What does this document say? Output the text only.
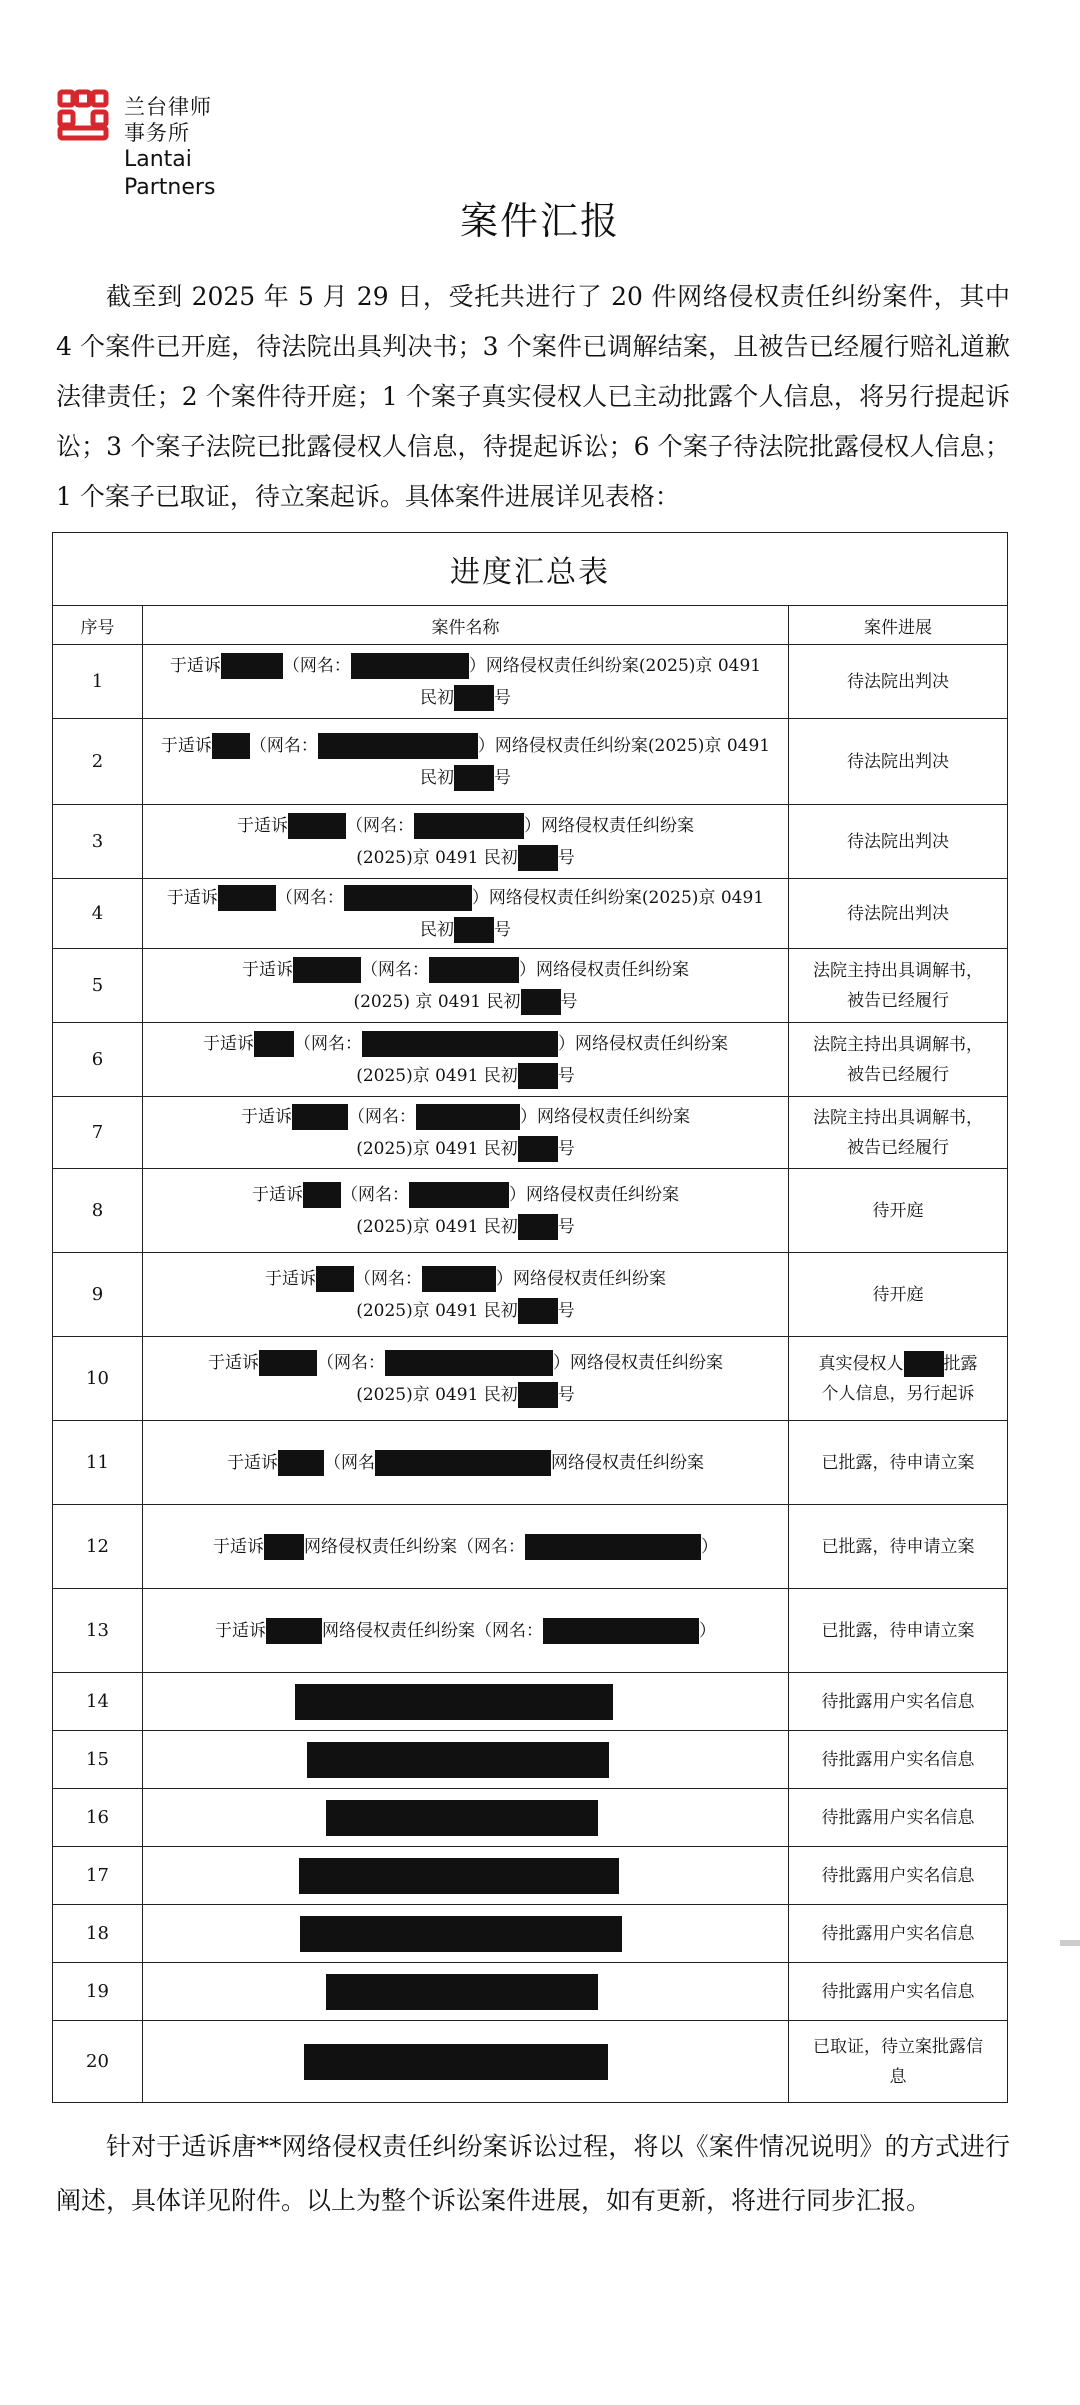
兰台律师事务所
Lantai Partners
案件汇报

截至到 2025 年 5 月 29 日，受托共进行了 20 件网络侵权责任纠纷案件，其中 4 个案件已开庭，待法院出具判决书；3 个案件已调解结案，且被告已经履行赔礼道歉法律责任；2 个案件待开庭；1 个案子真实侵权人已主动批露个人信息，将另行提起诉讼；3 个案子法院已批露侵权人信息，待提起诉讼；6 个案子待法院批露侵权人信息；1 个案子已取证，待立案起诉。具体案件进展详见表格：

进度汇总表		
序号	案件名称	案件进展
1	于适诉 （网名： ）网络侵权责任纠纷案(2025)京 0491
民初 号	待法院出判决
2	于适诉 （网名： ）网络侵权责任纠纷案(2025)京 0491
民初 号	待法院出判决
3	于适诉 （网名： ）网络侵权责任纠纷案
(2025)京 0491 民初 号	待法院出判决
4	于适诉 （网名： ）网络侵权责任纠纷案(2025)京 0491
民初 号	待法院出判决
5	于适诉 （网名： ）网络侵权责任纠纷案
(2025) 京 0491 民初 号	法院主持出具调解书，
被告已经履行
6	于适诉 （网名： ）网络侵权责任纠纷案
(2025)京 0491 民初 号	法院主持出具调解书，
被告已经履行
7	于适诉 （网名： ）网络侵权责任纠纷案
(2025)京 0491 民初 号	法院主持出具调解书，
被告已经履行
8	于适诉 （网名： ）网络侵权责任纠纷案
(2025)京 0491 民初 号	待开庭
9	于适诉 （网名： ）网络侵权责任纠纷案
(2025)京 0491 民初 号	待开庭
10	于适诉 （网名： ）网络侵权责任纠纷案
(2025)京 0491 民初 号	真实侵权人 批露
个人信息，另行起诉
11	于适诉 （网名 网络侵权责任纠纷案	已批露，待申请立案
12	于适诉 网络侵权责任纠纷案（网名： ）	已批露，待申请立案
13	于适诉 网络侵权责任纠纷案（网名： ）	已批露，待申请立案
14		待批露用户实名信息
15		待批露用户实名信息
16		待批露用户实名信息
17		待批露用户实名信息
18		待批露用户实名信息
19		待批露用户实名信息
20		已取证，待立案批露信
息

针对于适诉唐**网络侵权责任纠纷案诉讼过程，将以《案件情况说明》的方式进行阐述，具体详见附件。以上为整个诉讼案件进展，如有更新，将进行同步汇报。
